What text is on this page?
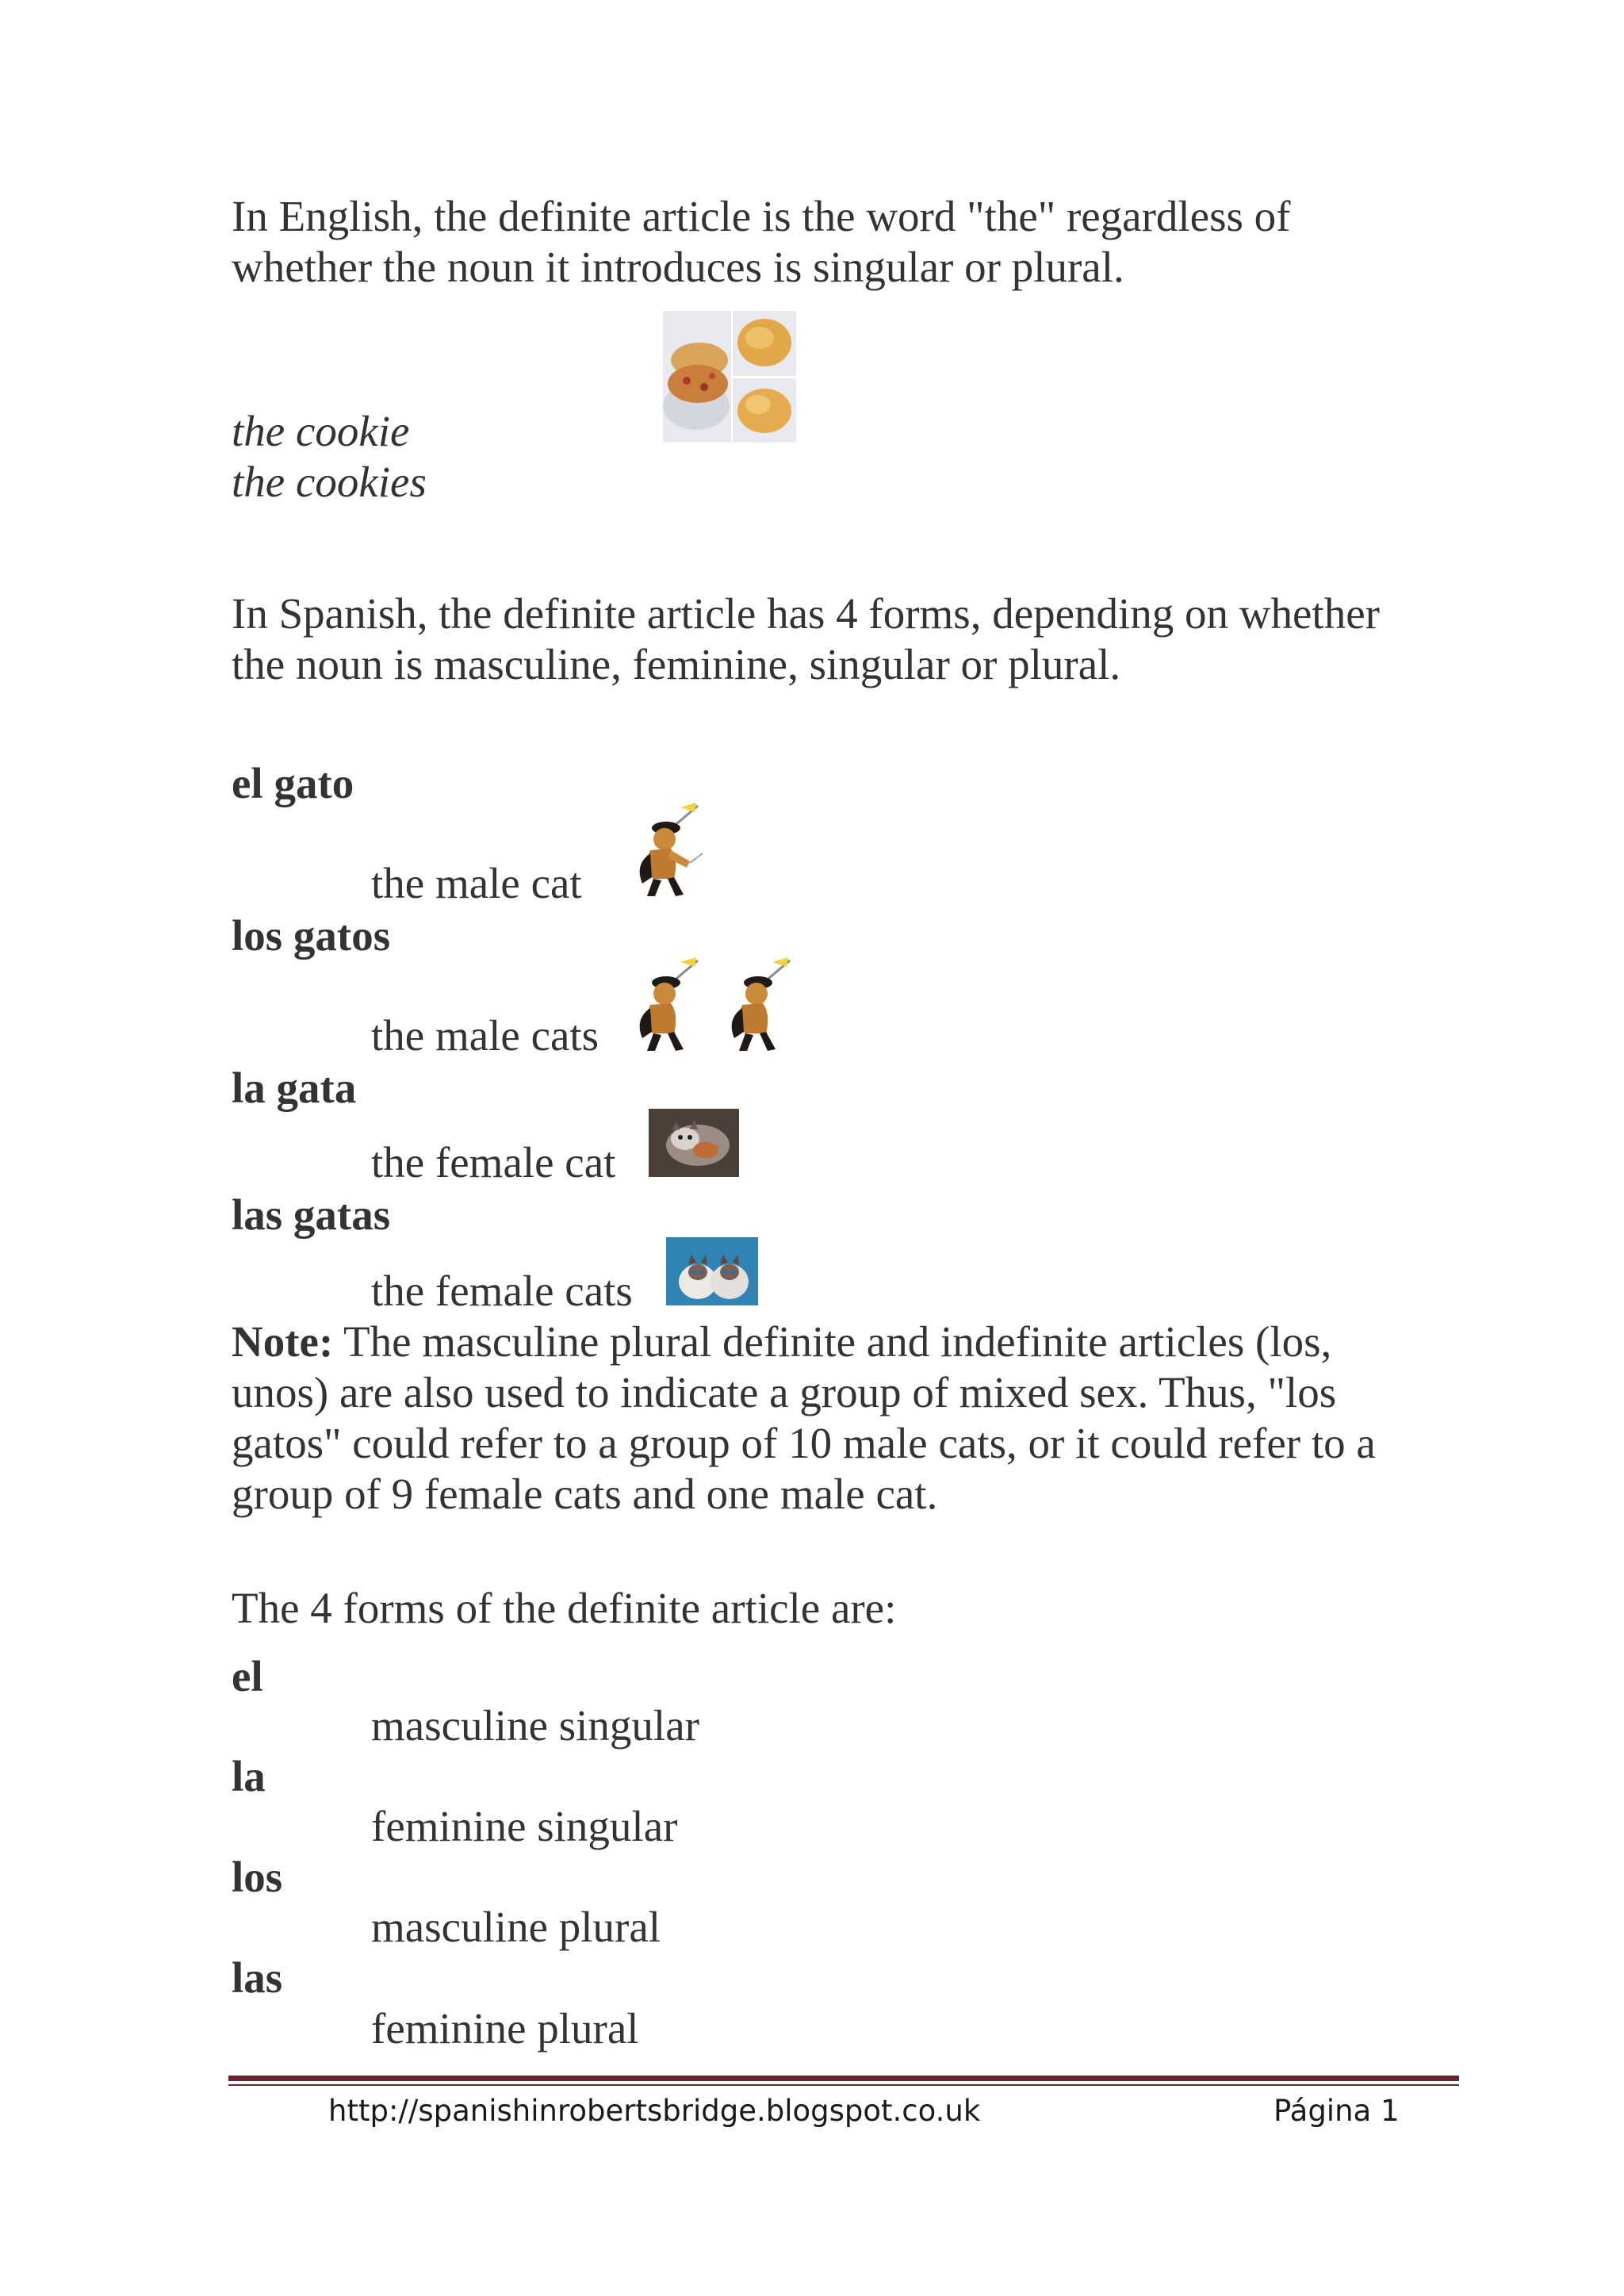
In English, the definite article is the word "the" regardless of
whether the noun it introduces is singular or plural.
the cookie
the cookies
In Spanish, the definite article has 4 forms, depending on whether
the noun is masculine, feminine, singular or plural.
el gato
the male cat
los gatos
the male cats
la gata
the female cat
las gatas
the female cats
Note: The masculine plural definite and indefinite articles (los,
unos) are also used to indicate a group of mixed sex. Thus, "los
gatos" could refer to a group of 10 male cats, or it could refer to a
group of 9 female cats and one male cat.
The 4 forms of the definite article are:
el
masculine singular
la
feminine singular
los
masculine plural
las
feminine plural
http://spanishinrobertsbridge.blogspot.co.uk	Página 1
